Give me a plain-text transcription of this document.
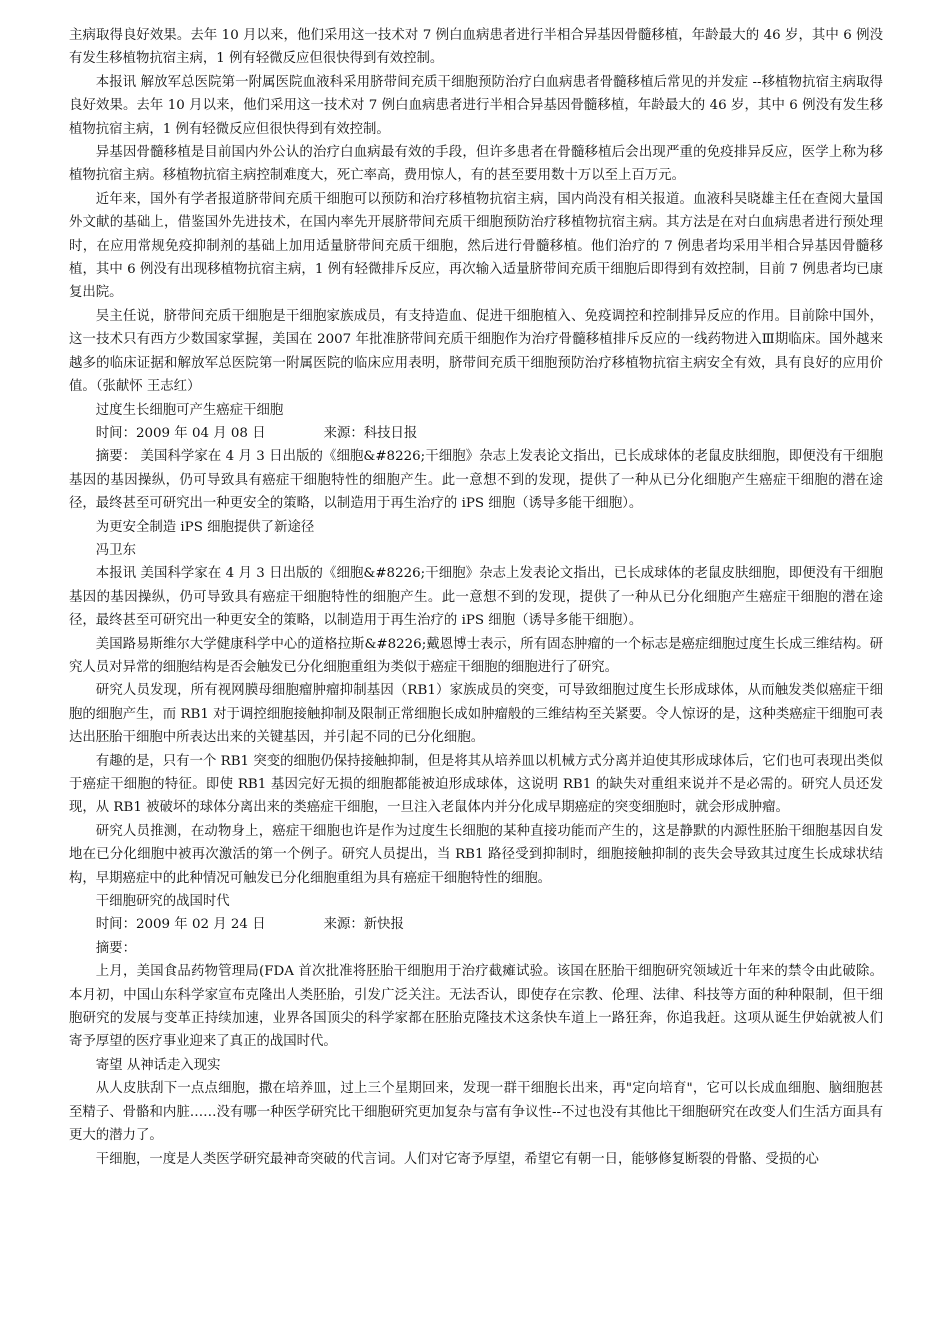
主病取得良好效果。去年 10 月以来，他们采用这一技术对 7 例白血病患者进行半相合异基因骨髓移植，年龄最大的 46 岁，其中 6 例没有发生移植物抗宿主病，1 例有轻微反应但很快得到有效控制。

本报讯 解放军总医院第一附属医院血液科采用脐带间充质干细胞预防治疗白血病患者骨髓移植后常见的并发症 --移植物抗宿主病取得良好效果。去年 10 月以来，他们采用这一技术对 7 例白血病患者进行半相合异基因骨髓移植，年龄最大的 46 岁，其中 6 例没有发生移植物抗宿主病，1 例有轻微反应但很快得到有效控制。

异基因骨髓移植是目前国内外公认的治疗白血病最有效的手段，但许多患者在骨髓移植后会出现严重的免疫排异反应，医学上称为移植物抗宿主病。移植物抗宿主病控制难度大，死亡率高，费用惊人，有的甚至要用数十万以至上百万元。

近年来，国外有学者报道脐带间充质干细胞可以预防和治疗移植物抗宿主病，国内尚没有相关报道。血液科吴晓雄主任在查阅大量国外文献的基础上，借鉴国外先进技术，在国内率先开展脐带间充质干细胞预防治疗移植物抗宿主病。其方法是在对白血病患者进行预处理时，在应用常规免疫抑制剂的基础上加用适量脐带间充质干细胞，然后进行骨髓移植。他们治疗的 7 例患者均采用半相合异基因骨髓移植，其中 6 例没有出现移植物抗宿主病，1 例有轻微排斥反应，再次输入适量脐带间充质干细胞后即得到有效控制，目前 7 例患者均已康复出院。

吴主任说，脐带间充质干细胞是干细胞家族成员，有支持造血、促进干细胞植入、免疫调控和控制排异反应的作用。目前除中国外，这一技术只有西方少数国家掌握，美国在 2007 年批准脐带间充质干细胞作为治疗骨髓移植排斥反应的一线药物进入Ⅲ期临床。国外越来越多的临床证据和解放军总医院第一附属医院的临床应用表明，脐带间充质干细胞预防治疗移植物抗宿主病安全有效，具有良好的应用价值。（张献怀 王志红）

过度生长细胞可产生癌症干细胞

时间：2009 年 04 月 08 日	来源：科技日报

摘要： 美国科学家在 4 月 3 日出版的《细胞&#8226;干细胞》杂志上发表论文指出，已长成球体的老鼠皮肤细胞，即便没有干细胞基因的基因操纵，仍可导致具有癌症干细胞特性的细胞产生。此一意想不到的发现，提供了一种从已分化细胞产生癌症干细胞的潜在途径，最终甚至可研究出一种更安全的策略，以制造用于再生治疗的 iPS 细胞（诱导多能干细胞）。

为更安全制造 iPS 细胞提供了新途径

冯卫东

本报讯 美国科学家在 4 月 3 日出版的《细胞&#8226;干细胞》杂志上发表论文指出，已长成球体的老鼠皮肤细胞，即便没有干细胞基因的基因操纵，仍可导致具有癌症干细胞特性的细胞产生。此一意想不到的发现，提供了一种从已分化细胞产生癌症干细胞的潜在途径，最终甚至可研究出一种更安全的策略，以制造用于再生治疗的 iPS 细胞（诱导多能干细胞）。

美国路易斯维尔大学健康科学中心的道格拉斯&#8226;戴恩博士表示，所有固态肿瘤的一个标志是癌症细胞过度生长成三维结构。研究人员对异常的细胞结构是否会触发已分化细胞重组为类似于癌症干细胞的细胞进行了研究。

研究人员发现，所有视网膜母细胞瘤肿瘤抑制基因（RB1）家族成员的突变，可导致细胞过度生长形成球体，从而触发类似癌症干细胞的细胞产生，而 RB1 对于调控细胞接触抑制及限制正常细胞长成如肿瘤般的三维结构至关紧要。令人惊讶的是，这种类癌症干细胞可表达出胚胎干细胞中所表达出来的关键基因，并引起不同的已分化细胞。

有趣的是，只有一个 RB1 突变的细胞仍保持接触抑制，但是将其从培养皿以机械方式分离并迫使其形成球体后，它们也可表现出类似于癌症干细胞的特征。即使 RB1 基因完好无损的细胞都能被迫形成球体，这说明 RB1 的缺失对重组来说并不是必需的。研究人员还发现，从 RB1 被破坏的球体分离出来的类癌症干细胞，一旦注入老鼠体内并分化成早期癌症的突变细胞时，就会形成肿瘤。

研究人员推测，在动物身上，癌症干细胞也许是作为过度生长细胞的某种直接功能而产生的，这是静默的内源性胚胎干细胞基因自发地在已分化细胞中被再次激活的第一个例子。研究人员提出，当 RB1 路径受到抑制时，细胞接触抑制的丧失会导致其过度生长成球状结构，早期癌症中的此种情况可触发已分化细胞重组为具有癌症干细胞特性的细胞。

干细胞研究的战国时代

时间：2009 年 02 月 24 日	来源：新快报

摘要：

上月，美国食品药物管理局(FDA 首次批准将胚胎干细胞用于治疗截瘫试验。该国在胚胎干细胞研究领域近十年来的禁令由此破除。本月初，中国山东科学家宣布克隆出人类胚胎，引发广泛关注。无法否认，即使存在宗教、伦理、法律、科技等方面的种种限制，但干细胞研究的发展与变革正持续加速，业界各国顶尖的科学家都在胚胎克隆技术这条快车道上一路狂奔，你追我赶。这项从诞生伊始就被人们寄予厚望的医疗事业迎来了真正的战国时代。

寄望 从神话走入现实

从人皮肤刮下一点点细胞，撒在培养皿，过上三个星期回来，发现一群干细胞长出来，再"定向培育"，它可以长成血细胞、脑细胞甚至精子、骨骼和内脏……没有哪一种医学研究比干细胞研究更加复杂与富有争议性--不过也没有其他比干细胞研究在改变人们生活方面具有更大的潜力了。

干细胞，一度是人类医学研究最神奇突破的代言词。人们对它寄予厚望，希望它有朝一日，能够修复断裂的骨骼、受损的心
